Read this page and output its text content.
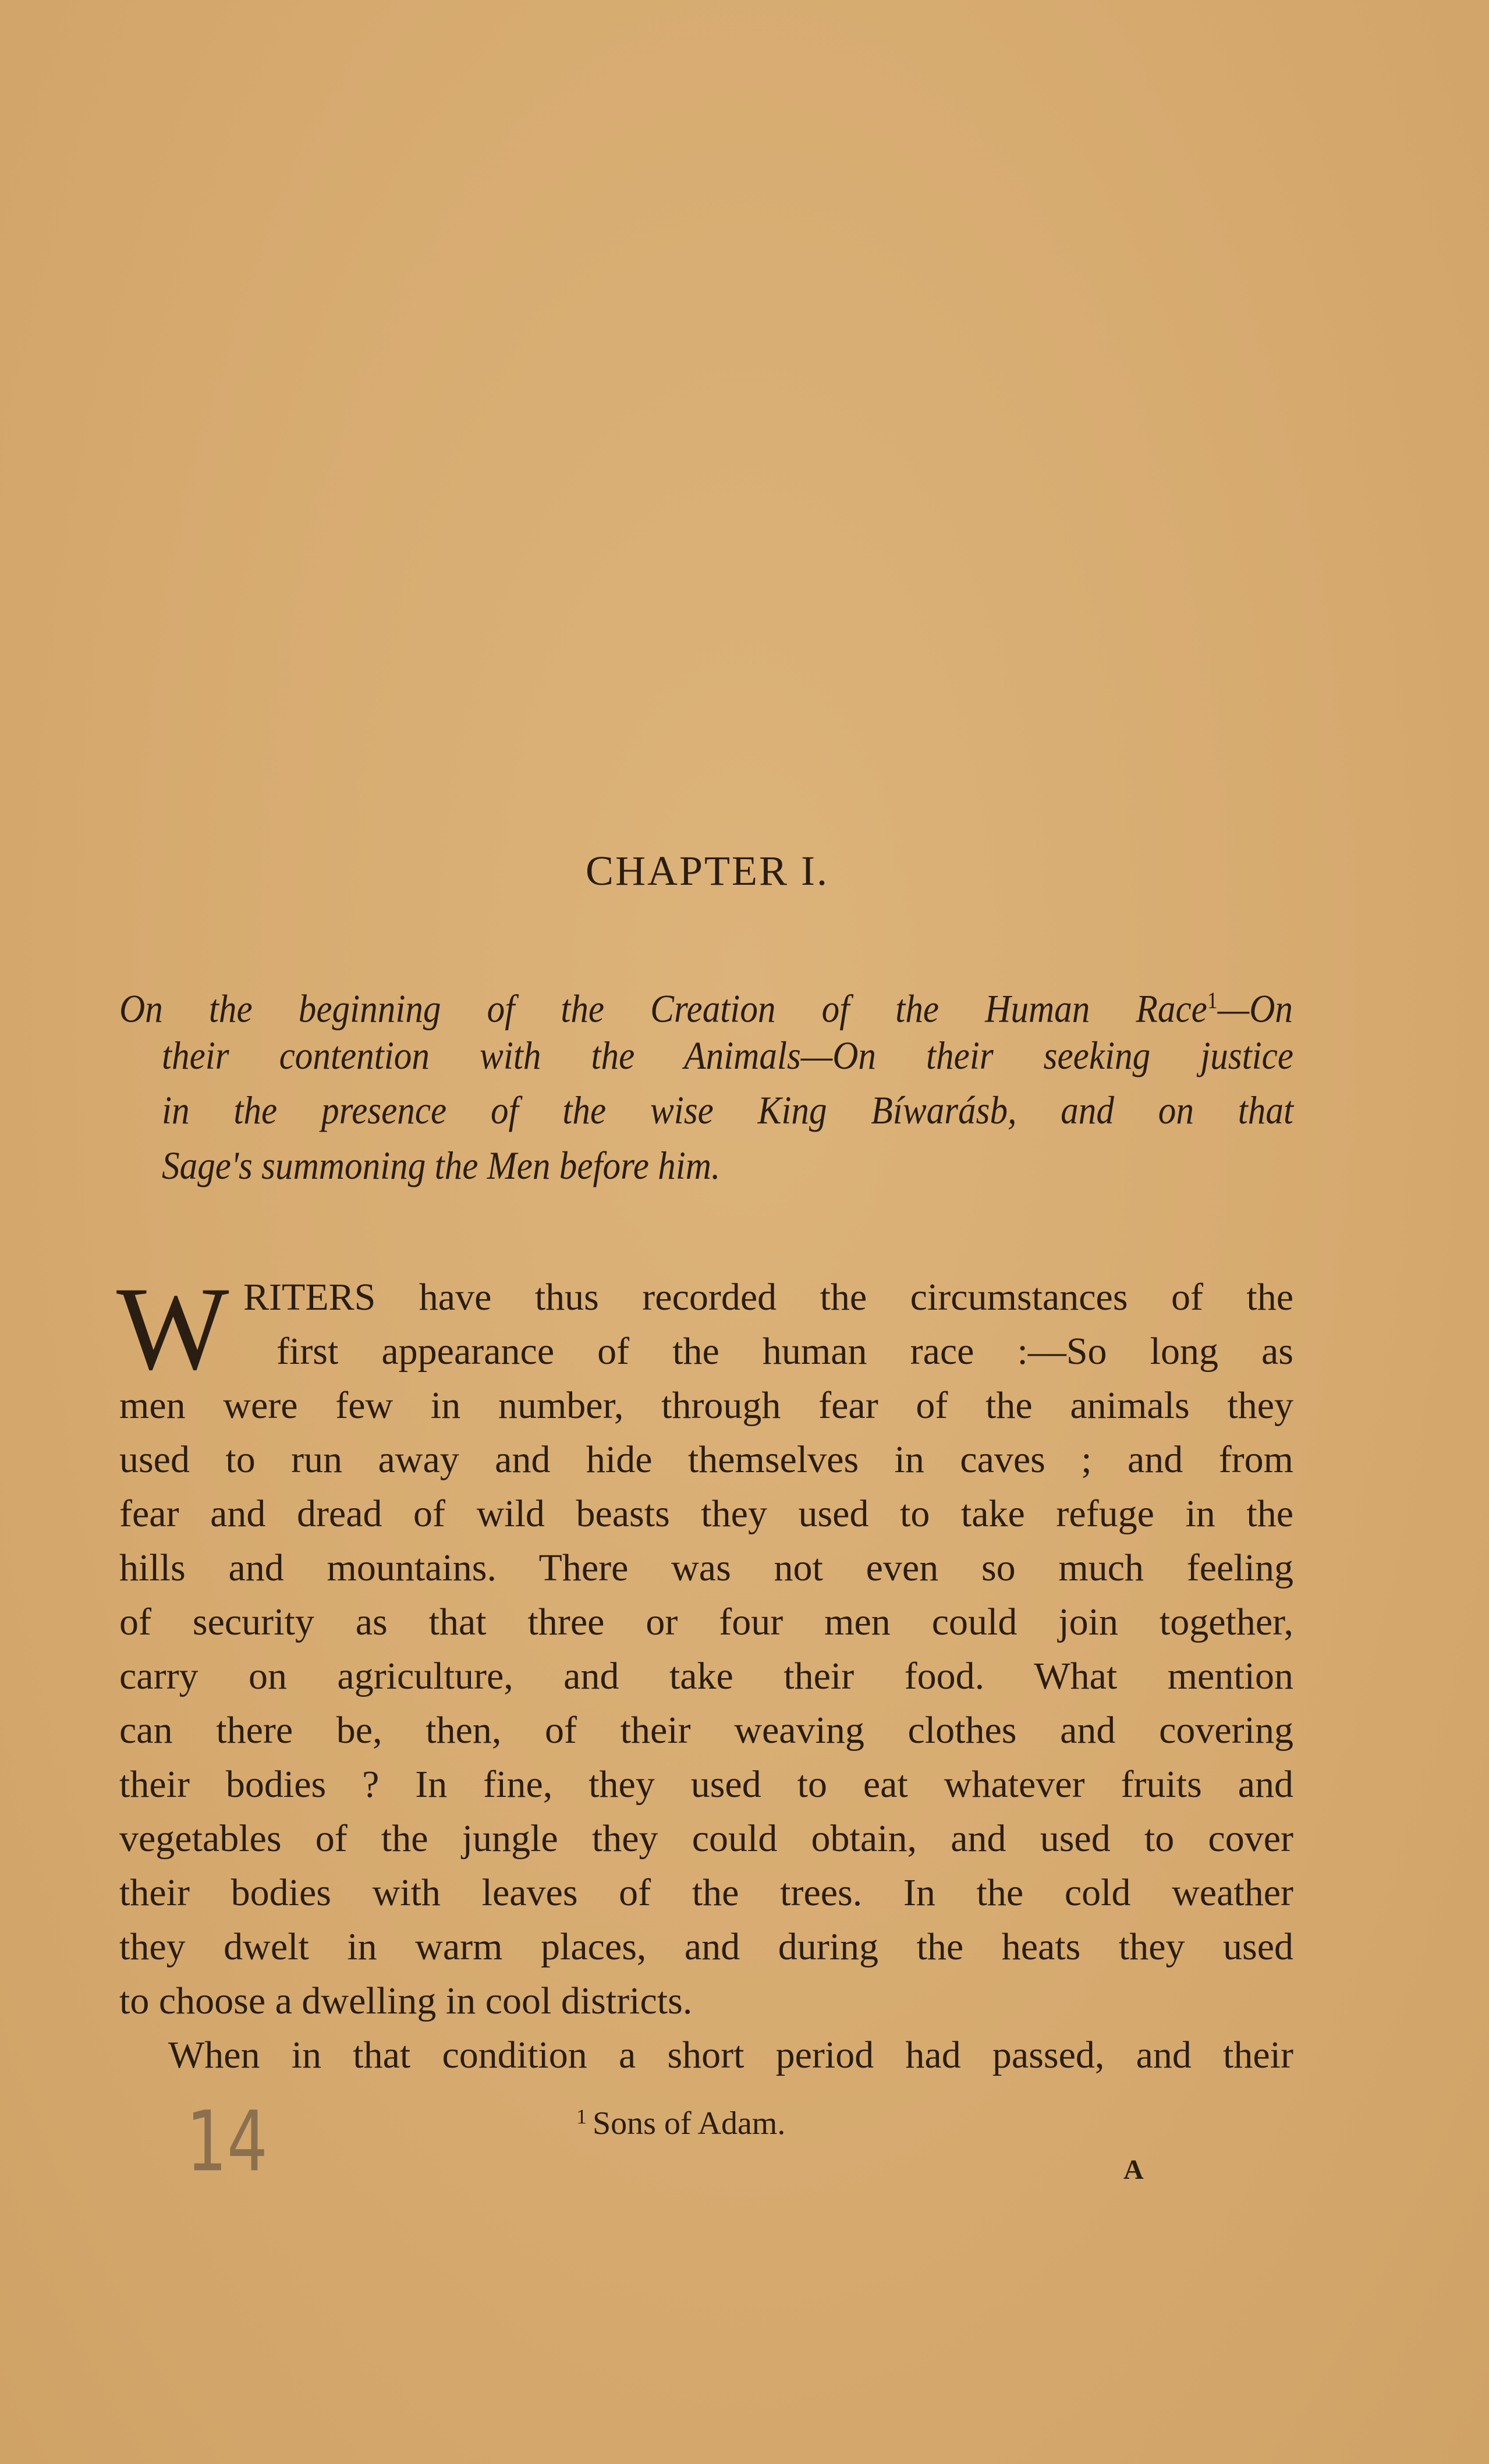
CHAPTER I.
On the beginning of the Creation of the Human Race$^1$—On
their contention with the Animals—On their seeking justice
in the presence of the wise King Bíwarásb, and on that
Sage's summoning the Men before him.
W RITERS have thus recorded the circumstances of the
first appearance of the human race :—So long as
men were few in number, through fear of the animals they
used to run away and hide themselves in caves ; and from
fear and dread of wild beasts they used to take refuge in the
hills and mountains. There was not even so much feeling
of security as that three or four men could join together,
carry on agriculture, and take their food. What mention
can there be, then, of their weaving clothes and covering
their bodies ? In fine, they used to eat whatever fruits and
vegetables of the jungle they could obtain, and used to cover
their bodies with leaves of the trees. In the cold weather
they dwelt in warm places, and during the heats they used
to choose a dwelling in cool districts.
When in that condition a short period had passed, and their
$^1$ Sons of Adam.
14	A
